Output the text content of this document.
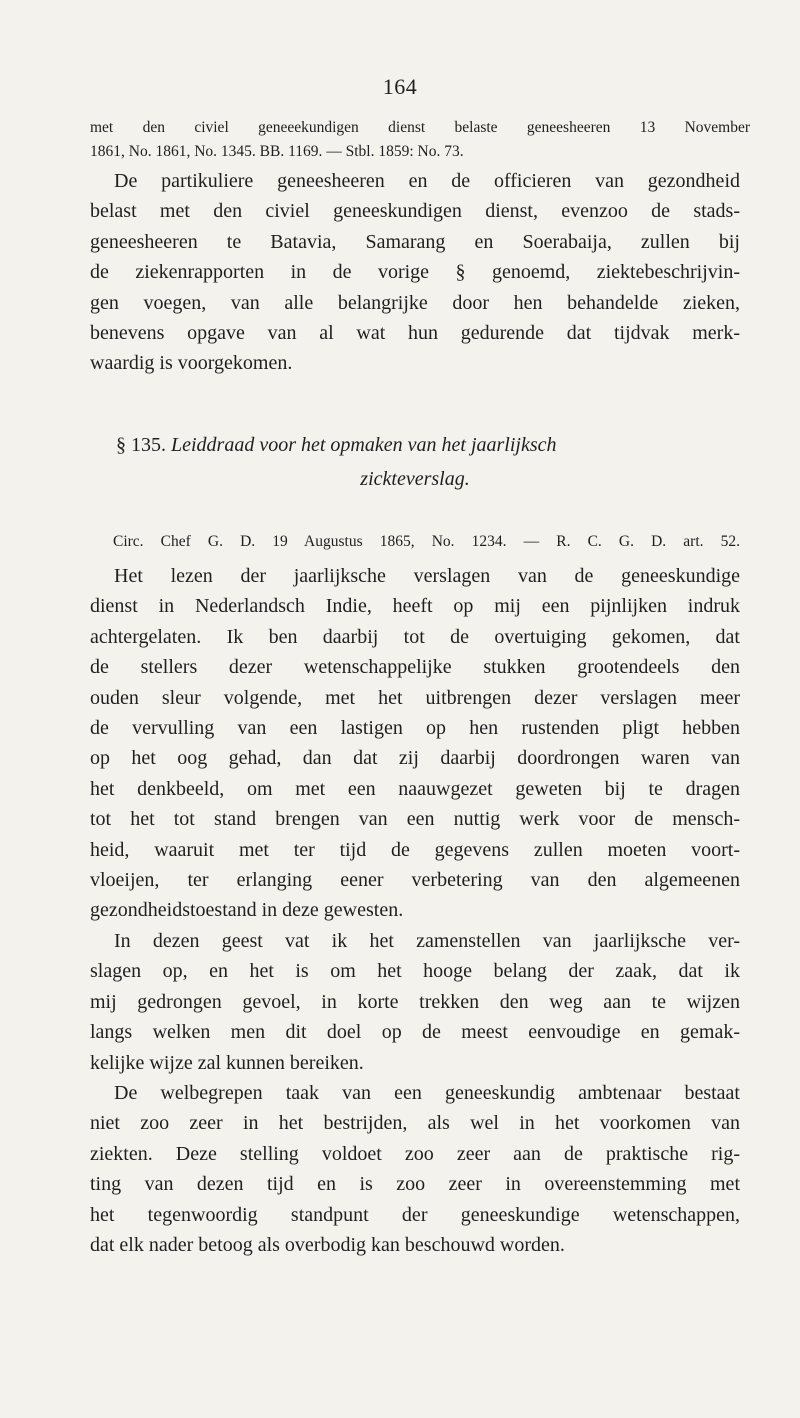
164
met den civiel geneeekundigen dienst belaste geneesheeren 13 November
1861, No. 1861, No. 1345. BB. 1169. — Stbl. 1859: No. 73.
De partikuliere geneesheeren en de officieren van gezondheid
belast met den civiel geneeskundigen dienst, evenzoo de stads-
geneesheeren te Batavia, Samarang en Soerabaija, zullen bij
de ziekenrapporten in de vorige § genoemd, ziektebeschrijvin-
gen voegen, van alle belangrijke door hen behandelde zieken,
benevens opgave van al wat hun gedurende dat tijdvak merk-
waardig is voorgekomen.
§ 135. Leiddraad voor het opmaken van het jaarlijksch
zickteverslag.
Circ. Chef G. D. 19 Augustus 1865, No. 1234. — R. C. G. D. art. 52.
Het lezen der jaarlijksche verslagen van de geneeskundige
dienst in Nederlandsch Indie, heeft op mij een pijnlijken indruk
achtergelaten. Ik ben daarbij tot de overtuiging gekomen, dat
de stellers dezer wetenschappelijke stukken grootendeels den
ouden sleur volgende, met het uitbrengen dezer verslagen meer
de vervulling van een lastigen op hen rustenden pligt hebben
op het oog gehad, dan dat zij daarbij doordrongen waren van
het denkbeeld, om met een naauwgezet geweten bij te dragen
tot het tot stand brengen van een nuttig werk voor de mensch-
heid, waaruit met ter tijd de gegevens zullen moeten voort-
vloeijen, ter erlanging eener verbetering van den algemeenen
gezondheidstoestand in deze gewesten.
In dezen geest vat ik het zamenstellen van jaarlijksche ver-
slagen op, en het is om het hooge belang der zaak, dat ik
mij gedrongen gevoel, in korte trekken den weg aan te wijzen
langs welken men dit doel op de meest eenvoudige en gemak-
kelijke wijze zal kunnen bereiken.
De welbegrepen taak van een geneeskundig ambtenaar bestaat
niet zoo zeer in het bestrijden, als wel in het voorkomen van
ziekten. Deze stelling voldoet zoo zeer aan de praktische rig-
ting van dezen tijd en is zoo zeer in overeenstemming met
het tegenwoordig standpunt der geneeskundige wetenschappen,
dat elk nader betoog als overbodig kan beschouwd worden.
